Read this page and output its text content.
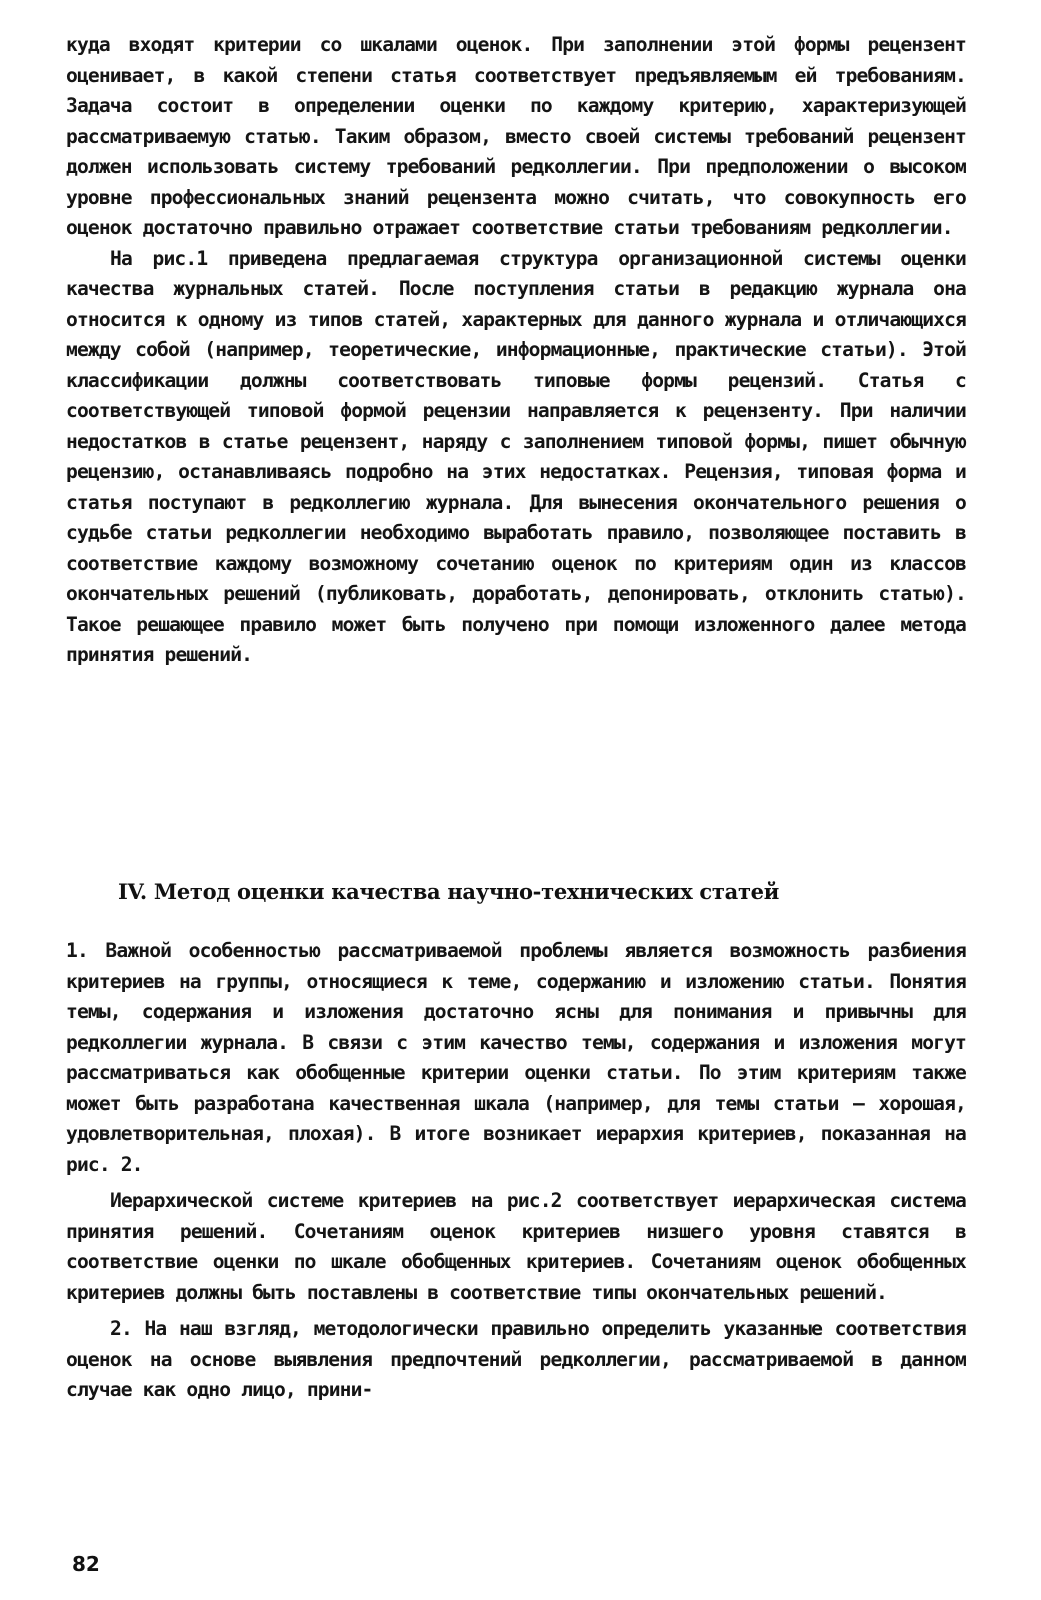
куда входят критерии со шкалами оценок. При заполнении этой формы рецензент оценивает, в какой степени статья соответствует предъявляемым ей требованиям. Задача состоит в определении оценки по каждому критерию, характеризующей рассматриваемую статью. Таким образом, вместо своей системы требований рецензент должен использовать систему требований редколлегии. При предположении о высоком уровне профессиональных знаний рецензента можно считать, что совокупность его оценок достаточно правильно отражает соответствие статьи требованиям редколлегии.

На рис.1 приведена предлагаемая структура организационной системы оценки качества журнальных статей. После поступления статьи в редакцию журнала она относится к одному из типов статей, характерных для данного журнала и отличающихся между собой (например, теоретические, информационные, практические статьи). Этой классификации должны соответствовать типовые формы рецензий. Статья с соответствующей типовой формой рецензии направляется к рецензенту. При наличии недостатков в статье рецензент, наряду с заполнением типовой формы, пишет обычную рецензию, останавливаясь подробно на этих недостатках. Рецензия, типовая форма и статья поступают в редколлегию журнала. Для вынесения окончательного решения о судьбе статьи редколлегии необходимо выработать правило, позволяющее поставить в соответствие каждому возможному сочетанию оценок по критериям один из классов окончательных решений (публиковать, доработать, депонировать, отклонить статью). Такое решающее правило может быть получено при помощи изложенного далее метода принятия решений.

IV. Метод оценки качества научно-технических статей

1. Важной особенностью рассматриваемой проблемы является возможность разбиения критериев на группы, относящиеся к теме, содержанию и изложению статьи. Понятия темы, содержания и изложения достаточно ясны для понимания и привычны для редколлегии журнала. В связи с этим качество темы, содержания и изложения могут рассматриваться как обобщенные критерии оценки статьи. По этим критериям также может быть разработана качественная шкала (например, для темы статьи – хорошая, удовлетворительная, плохая). В итоге возникает иерархия критериев, показанная на рис. 2.

Иерархической системе критериев на рис.2 соответствует иерархическая система принятия решений. Сочетаниям оценок критериев низшего уровня ставятся в соответствие оценки по шкале обобщенных критериев. Сочетаниям оценок обобщенных критериев должны быть поставлены в соответствие типы окончательных решений.

2. На наш взгляд, методологически правильно определить указанные соответствия оценок на основе выявления предпочтений редколлегии, рассматриваемой в данном случае как одно лицо, прини-

82
